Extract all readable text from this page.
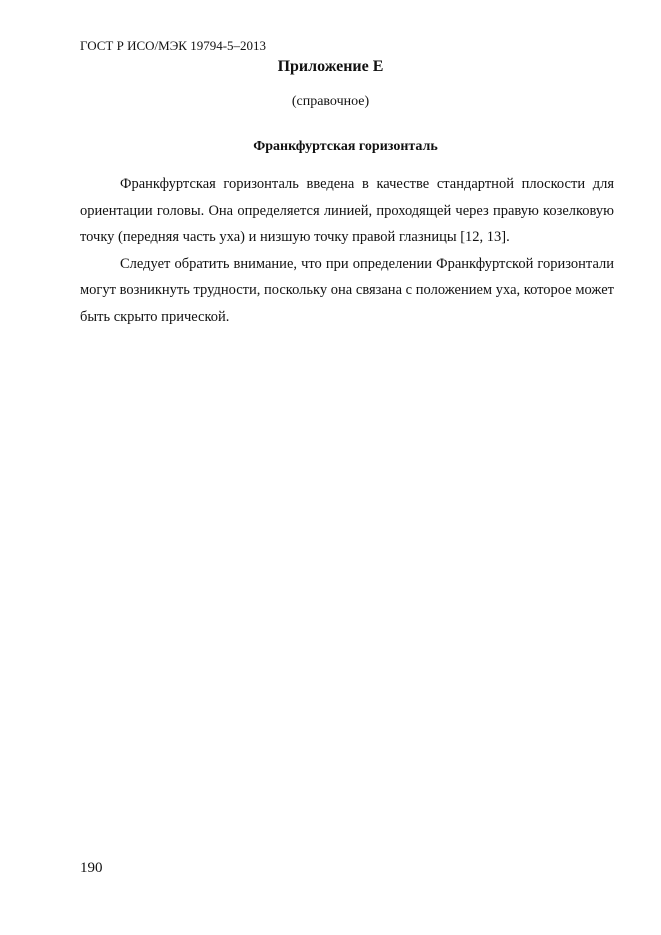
ГОСТ Р ИСО/МЭК 19794-5–2013
Приложение Е
(справочное)
Франкфуртская горизонталь

Франкфуртская горизонталь введена в качестве стандартной плоскости для ориентации головы. Она определяется линией, проходящей через правую козелковую точку (передняя часть уха) и низшую точку правой глазницы [12, 13].

Следует обратить внимание, что при определении Франкфуртской горизонтали могут возникнуть трудности, поскольку она связана с положением уха, которое может быть скрыто прической.

190
